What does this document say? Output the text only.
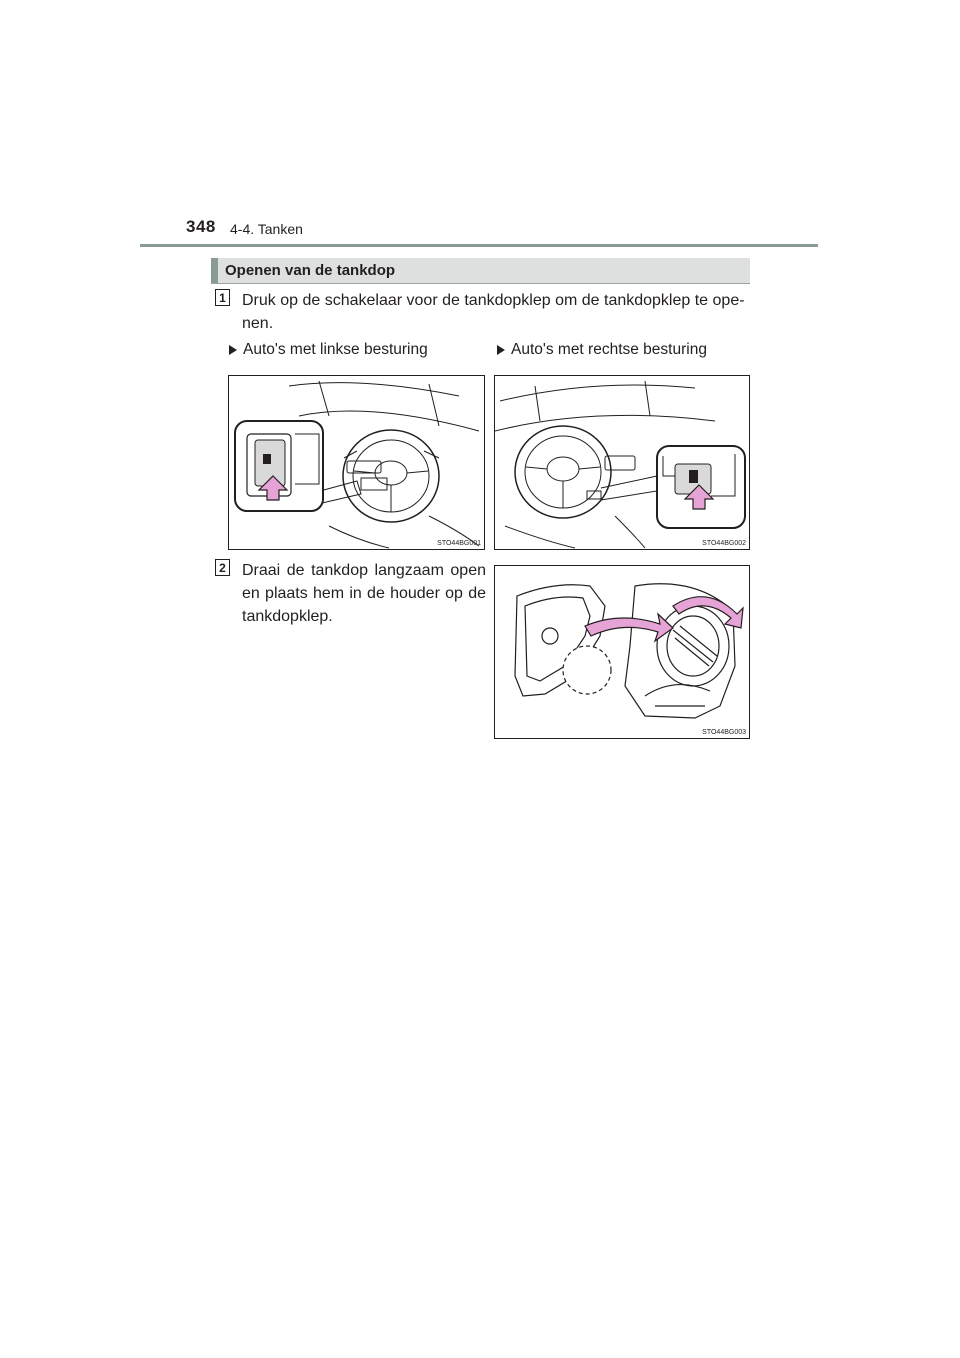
348 4-4. Tanken
Openen van de tankdop
1 Druk op de schakelaar voor de tankdopklep om de tankdopklep te ope-nen.
Auto's met linkse besturing	Auto's met rechtse besturing
STO44BG001	STO44BG002
2 Draai de tankdop langzaam open en plaats hem in de houder op de tankdopklep.
STO44BG003
